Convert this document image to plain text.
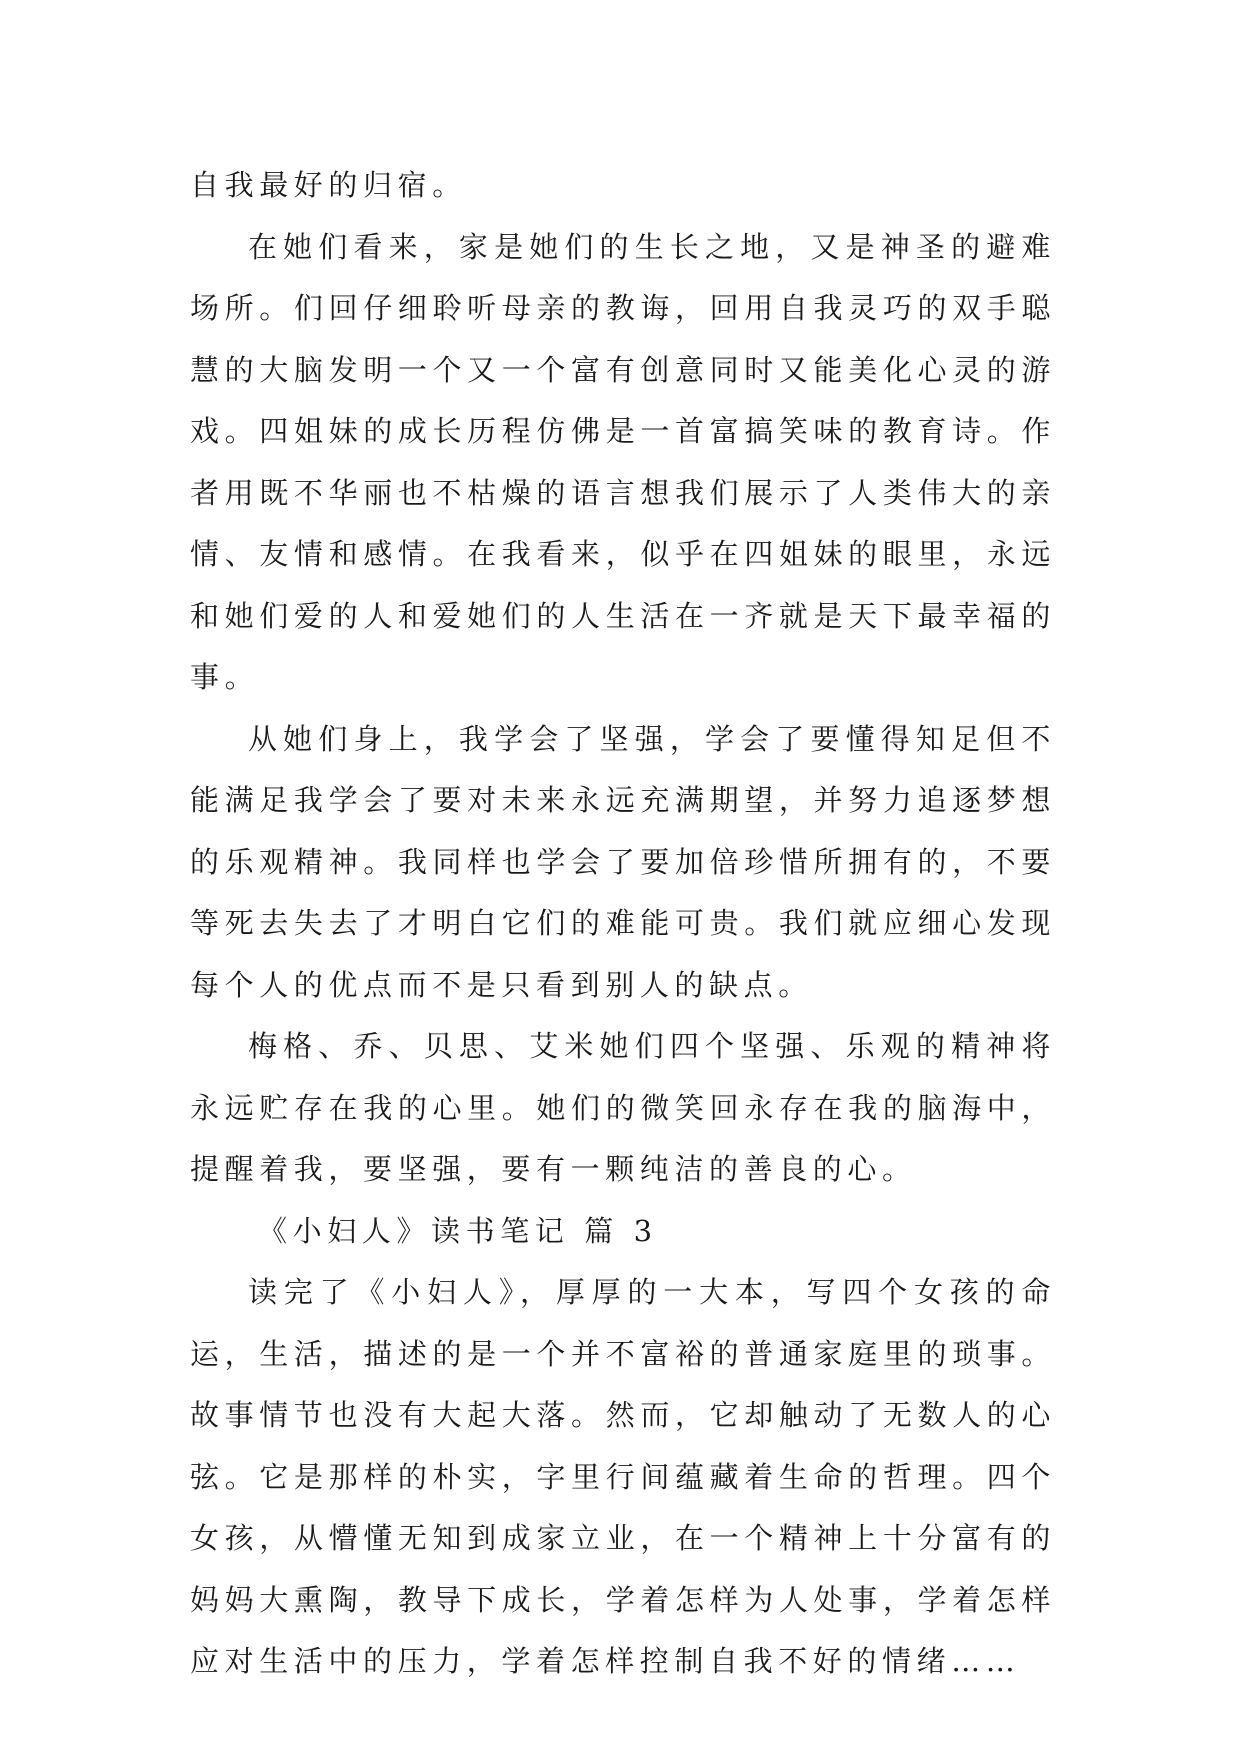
自我最好的归宿。

在她们看来，家是她们的生长之地，又是神圣的避难场所。们回仔细聆听母亲的教诲，回用自我灵巧的双手聪慧的大脑发明一个又一个富有创意同时又能美化心灵的游戏。四姐妹的成长历程仿佛是一首富搞笑味的教育诗。作者用既不华丽也不枯燥的语言想我们展示了人类伟大的亲情、友情和感情。在我看来，似乎在四姐妹的眼里，永远和她们爱的人和爱她们的人生活在一齐就是天下最幸福的事。

从她们身上，我学会了坚强，学会了要懂得知足但不能满足我学会了要对未来永远充满期望，并努力追逐梦想的乐观精神。我同样也学会了要加倍珍惜所拥有的，不要等死去失去了才明白它们的难能可贵。我们就应细心发现每个人的优点而不是只看到别人的缺点。

梅格、乔、贝思、艾米她们四个坚强、乐观的精神将永远贮存在我的心里。她们的微笑回永存在我的脑海中，提醒着我，要坚强，要有一颗纯洁的善良的心。

《小妇人》读书笔记 篇 3

读完了《小妇人》，厚厚的一大本，写四个女孩的命运，生活，描述的是一个并不富裕的普通家庭里的琐事。故事情节也没有大起大落。然而，它却触动了无数人的心弦。它是那样的朴实，字里行间蕴藏着生命的哲理。四个女孩，从懵懂无知到成家立业，在一个精神上十分富有的妈妈大熏陶，教导下成长，学着怎样为人处事，学着怎样应对生活中的压力，学着怎样控制自我不好的情绪……
